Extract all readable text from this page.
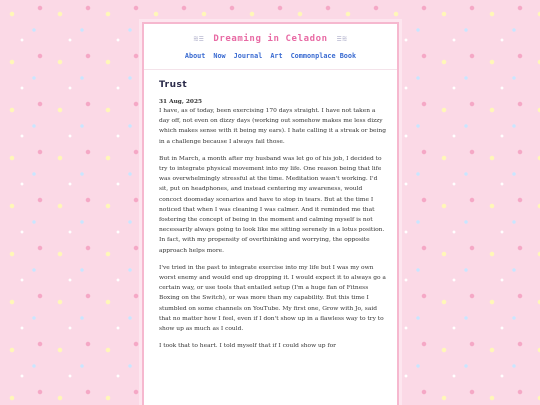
≋≡ Dreaming in Celadon ≡≋
About Now Journal Art Commonplace Book
Trust
31 Aug, 2025

I have, as of today, been exercising 170 days straight. I have not taken a day off, not even on dizzy days (working out somehow makes me less dizzy which makes sense with it being my ears). I hate calling it a streak or being in a challenge because I always fail those.

But in March, a month after my husband was let go of his job, I decided to try to integrate physical movement into my life. One reason being that life was overwhelmingly stressful at the time. Meditation wasn't working. I'd sit, put on headphones, and instead centering my awareness, would concoct doomsday scenarios and have to stop in tears. But at the time I noticed that when I was cleaning I was calmer. And it reminded me that fostering the concept of being in the moment and calming myself is not necessarily always going to look like me sitting serenely in a lotus position. In fact, with my propensity of overthinking and worrying, the opposite approach helps more.

I've tried in the past to integrate exercise into my life but I was my own worst enemy and would end up dropping it. I would expect it to always go a certain way, or use tools that entailed setup (I'm a huge fan of Fitness Boxing on the Switch), or was more than my capability. But this time I stumbled on some channels on YouTube. My first one, Grow with Jo, said that no matter how I feel, even if I don't show up in a flawless way to try to show up as much as I could.

I took that to heart. I told myself that if I could show up for
